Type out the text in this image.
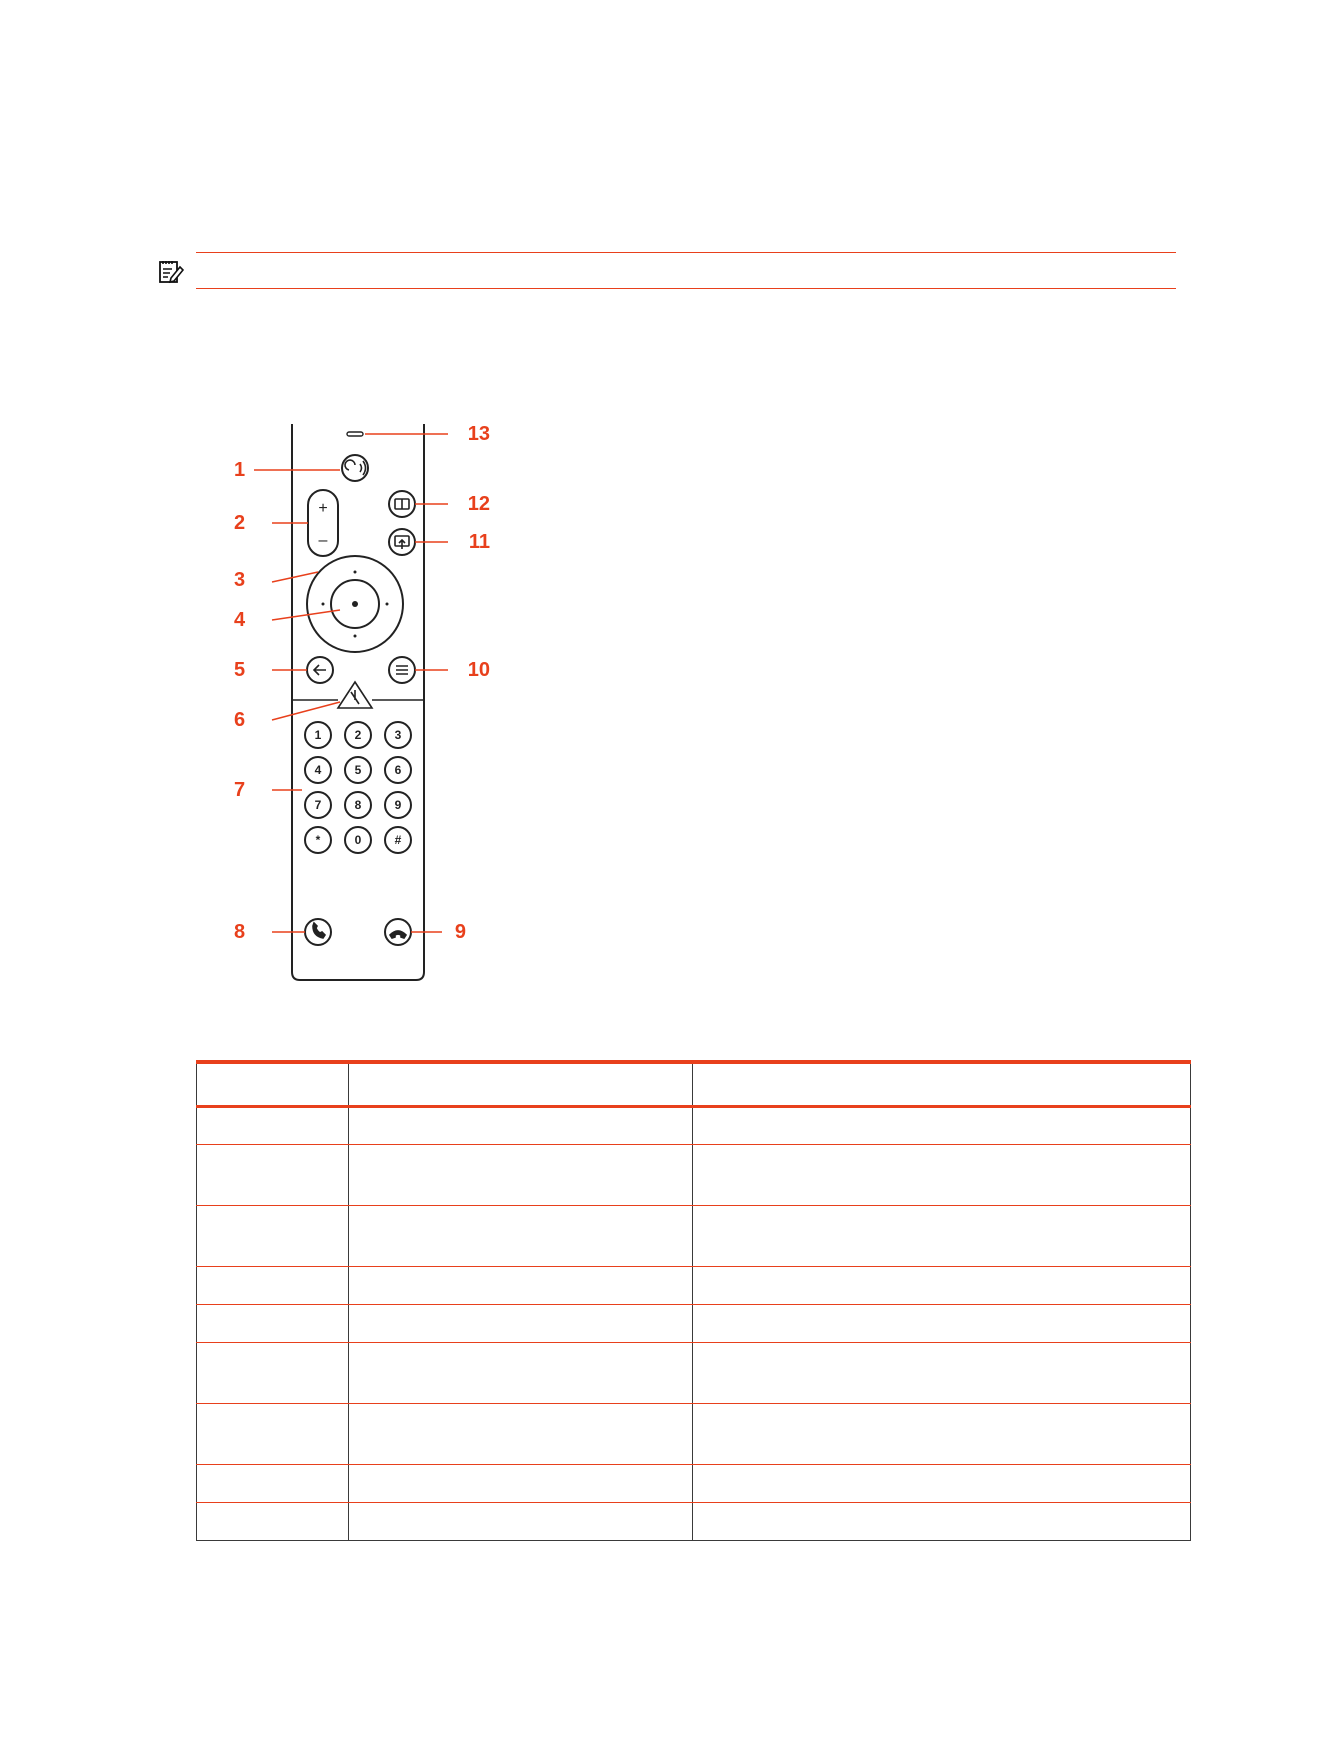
+
–
1	2	3
4	5	6
7	8	9
*	0	#
1
2
3
4
5
6
7
8	9
10
11
12
13
